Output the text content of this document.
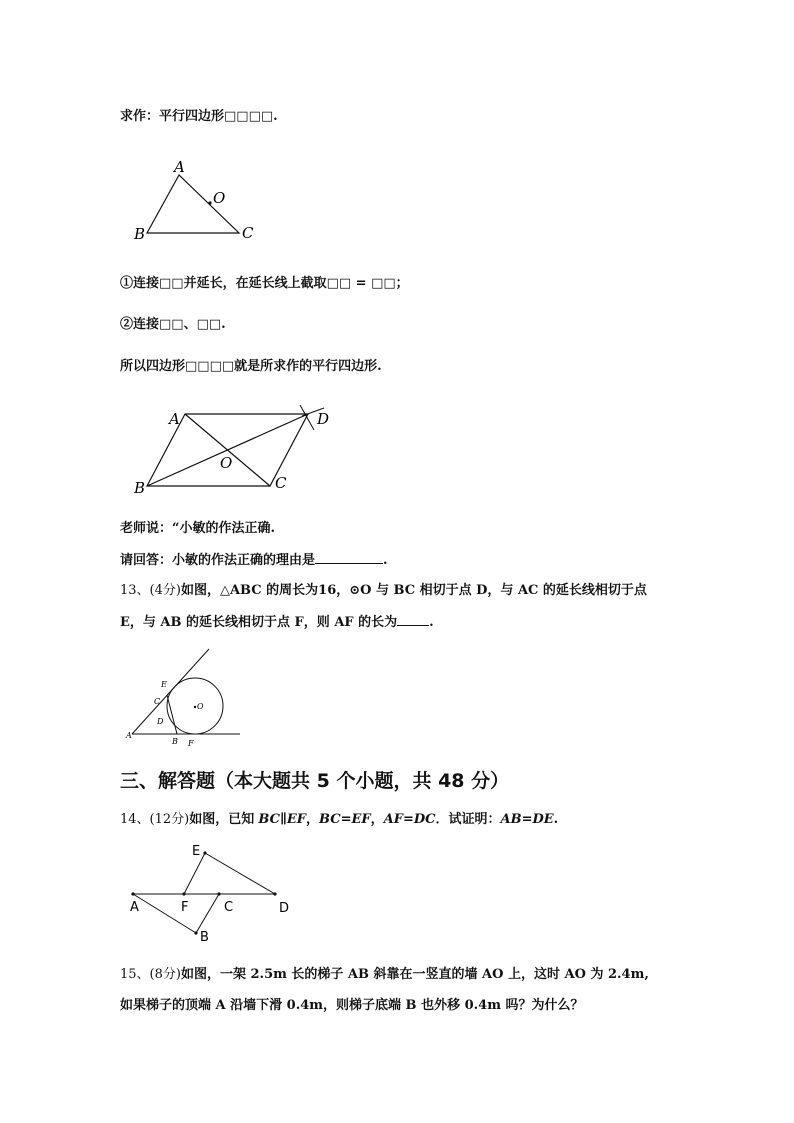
求作：平行四边形□□□□.
A
O
B	C
①连接□□并延长，在延长线上截取□□ = □□；
②连接□□、□□.
所以四边形□□□□就是所求作的平行四边形.
A	D
O
B	C
老师说：“小敏的作法正确.
请回答：小敏的作法正确的理由是	.
13、(4分)如图，△ABC 的周长为16，⊙O 与 BC 相切于点 D，与 AC 的延长线相切于点
E，与 AB 的延长线相切于点 F，则 AF 的长为 .
E
C
D
O
A
B F
三、解答题（本大题共 5 个小题，共 48 分）
14、(12分)如图，已知 BC∥EF，BC=EF，AF=DC．试证明：AB=DE.
E
A	F	C	D
B
15、(8分)如图，一架 2.5m 长的梯子 AB 斜靠在一竖直的墙 AO 上，这时 AO 为 2.4m,
如果梯子的顶端 A 沿墙下滑 0.4m，则梯子底端 B 也外移 0.4m 吗？为什么？
